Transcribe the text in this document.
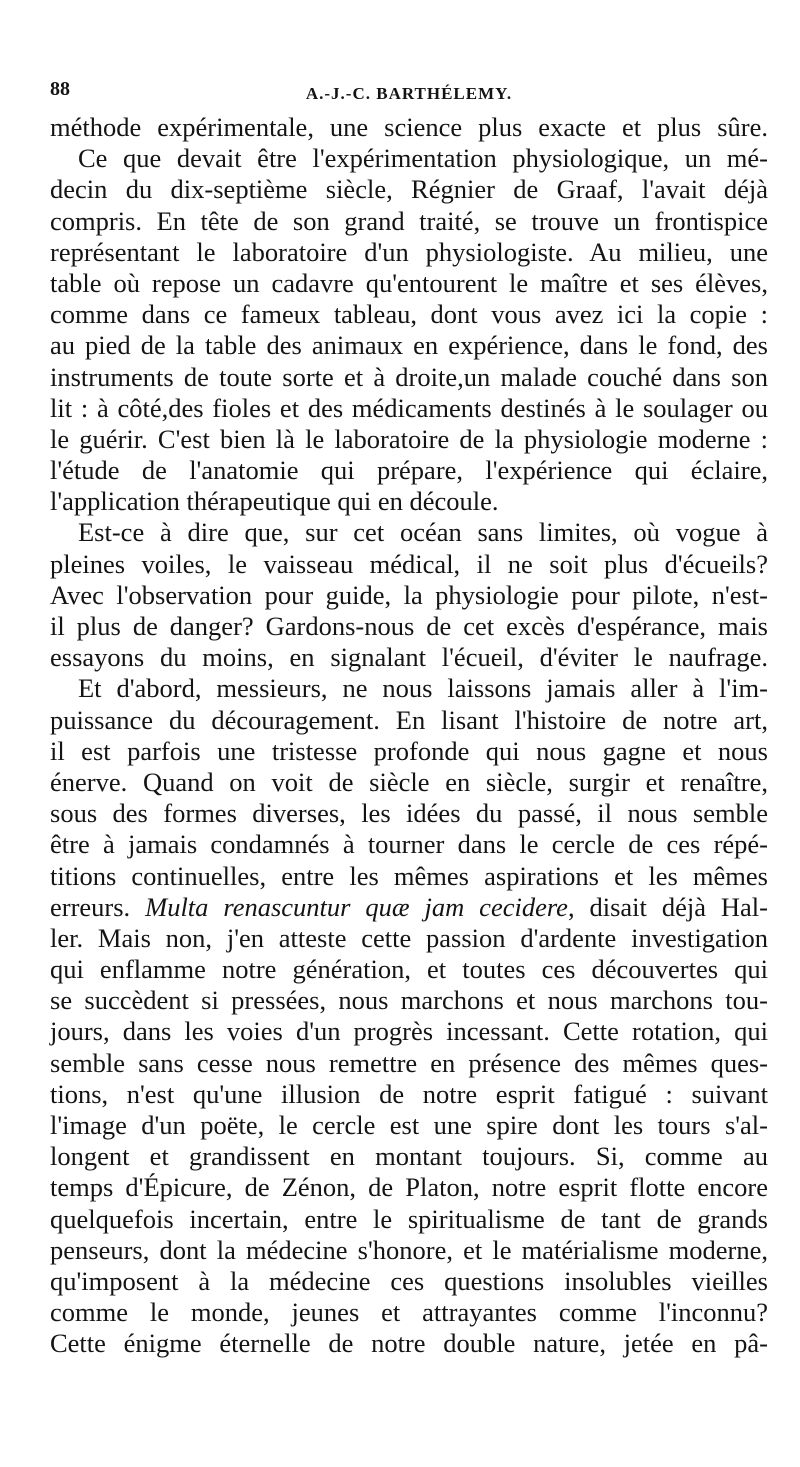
88	A.-J.-C. BARTHÉLEMY.
méthode expérimentale, une science plus exacte et plus sûre.
Ce que devait être l'expérimentation physiologique, un mé-
decin du dix-septième siècle, Régnier de Graaf, l'avait déjà
compris. En tête de son grand traité, se trouve un frontispice
représentant le laboratoire d'un physiologiste. Au milieu, une
table où repose un cadavre qu'entourent le maître et ses élèves,
comme dans ce fameux tableau, dont vous avez ici la copie :
au pied de la table des animaux en expérience, dans le fond, des
instruments de toute sorte et à droite,un malade couché dans son
lit : à côté,des fioles et des médicaments destinés à le soulager ou
le guérir. C'est bien là le laboratoire de la physiologie moderne :
l'étude de l'anatomie qui prépare, l'expérience qui éclaire,
l'application thérapeutique qui en découle.
Est-ce à dire que, sur cet océan sans limites, où vogue à
pleines voiles, le vaisseau médical, il ne soit plus d'écueils?
Avec l'observation pour guide, la physiologie pour pilote, n'est-
il plus de danger? Gardons-nous de cet excès d'espérance, mais
essayons du moins, en signalant l'écueil, d'éviter le naufrage.
Et d'abord, messieurs, ne nous laissons jamais aller à l'im-
puissance du découragement. En lisant l'histoire de notre art,
il est parfois une tristesse profonde qui nous gagne et nous
énerve. Quand on voit de siècle en siècle, surgir et renaître,
sous des formes diverses, les idées du passé, il nous semble
être à jamais condamnés à tourner dans le cercle de ces répé-
titions continuelles, entre les mêmes aspirations et les mêmes
erreurs. Multa renascuntur quæ jam cecidere, disait déjà Hal-
ler. Mais non, j'en atteste cette passion d'ardente investigation
qui enflamme notre génération, et toutes ces découvertes qui
se succèdent si pressées, nous marchons et nous marchons tou-
jours, dans les voies d'un progrès incessant. Cette rotation, qui
semble sans cesse nous remettre en présence des mêmes ques-
tions, n'est qu'une illusion de notre esprit fatigué : suivant
l'image d'un poëte, le cercle est une spire dont les tours s'al-
longent et grandissent en montant toujours. Si, comme au
temps d'Épicure, de Zénon, de Platon, notre esprit flotte encore
quelquefois incertain, entre le spiritualisme de tant de grands
penseurs, dont la médecine s'honore, et le matérialisme moderne,
qu'imposent à la médecine ces questions insolubles vieilles
comme le monde, jeunes et attrayantes comme l'inconnu?
Cette énigme éternelle de notre double nature, jetée en pâ-
